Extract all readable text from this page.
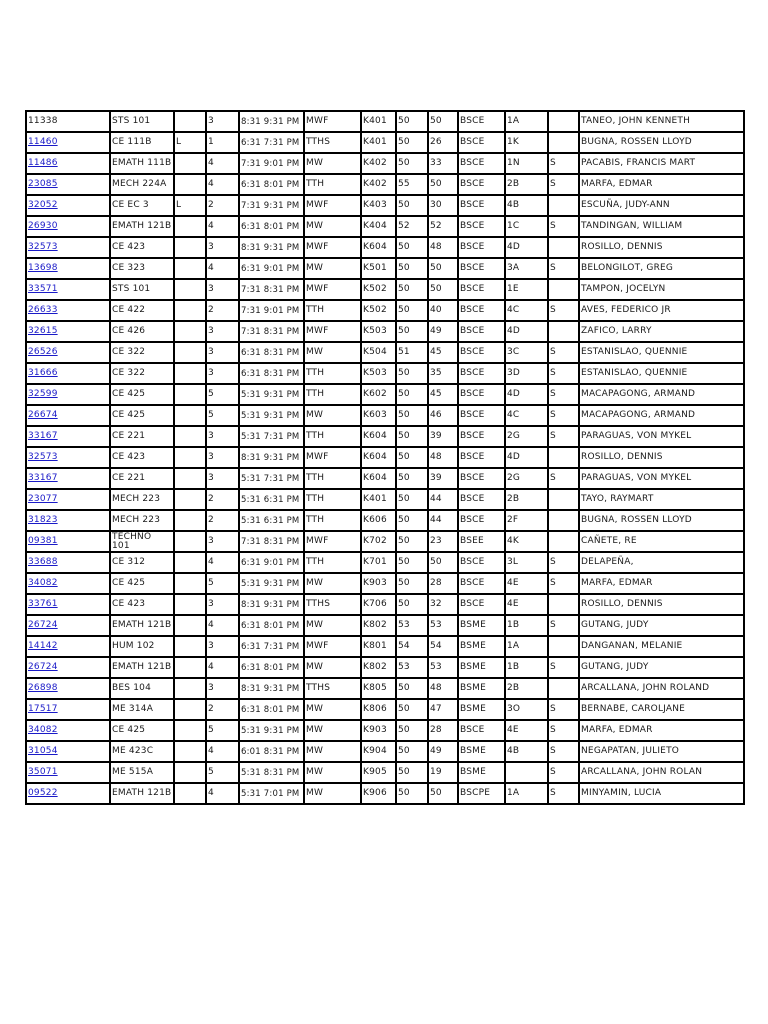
11338	STS 101		3	8:31 9:31 PM	MWF	K401	50	50	BSCE	1A		TANEO, JOHN KENNETH
11460	CE 111B	L	1	6:31 7:31 PM	TTHS	K401	50	26	BSCE	1K		BUGNA, ROSSEN LLOYD
11486	EMATH 111B		4	7:31 9:01 PM	MW	K402	50	33	BSCE	1N	S	PACABIS, FRANCIS MART
23085	MECH 224A		4	6:31 8:01 PM	TTH	K402	55	50	BSCE	2B	S	MARFA, EDMAR
32052	CE EC 3	L	2	7:31 9:31 PM	MWF	K403	50	30	BSCE	4B		ESCUÑA, JUDY-ANN
26930	EMATH 121B		4	6:31 8:01 PM	MW	K404	52	52	BSCE	1C	S	TANDINGAN, WILLIAM
32573	CE 423		3	8:31 9:31 PM	MWF	K604	50	48	BSCE	4D		ROSILLO, DENNIS
13698	CE 323		4	6:31 9:01 PM	MW	K501	50	50	BSCE	3A	S	BELONGILOT, GREG
33571	STS 101		3	7:31 8:31 PM	MWF	K502	50	50	BSCE	1E		TAMPON, JOCELYN
26633	CE 422		2	7:31 9:01 PM	TTH	K502	50	40	BSCE	4C	S	AVES, FEDERICO JR
32615	CE 426		3	7:31 8:31 PM	MWF	K503	50	49	BSCE	4D		ZAFICO, LARRY
26526	CE 322		3	6:31 8:31 PM	MW	K504	51	45	BSCE	3C	S	ESTANISLAO, QUENNIE
31666	CE 322		3	6:31 8:31 PM	TTH	K503	50	35	BSCE	3D	S	ESTANISLAO, QUENNIE
32599	CE 425		5	5:31 9:31 PM	TTH	K602	50	45	BSCE	4D	S	MACAPAGONG, ARMAND
26674	CE 425		5	5:31 9:31 PM	MW	K603	50	46	BSCE	4C	S	MACAPAGONG, ARMAND
33167	CE 221		3	5:31 7:31 PM	TTH	K604	50	39	BSCE	2G	S	PARAGUAS, VON MYKEL
32573	CE 423		3	8:31 9:31 PM	MWF	K604	50	48	BSCE	4D		ROSILLO, DENNIS
33167	CE 221		3	5:31 7:31 PM	TTH	K604	50	39	BSCE	2G	S	PARAGUAS, VON MYKEL
23077	MECH 223		2	5:31 6:31 PM	TTH	K401	50	44	BSCE	2B		TAYO, RAYMART
31823	MECH 223		2	5:31 6:31 PM	TTH	K606	50	44	BSCE	2F		BUGNA, ROSSEN LLOYD
09381	TECHNO 101		3	7:31 8:31 PM	MWF	K702	50	23	BSEE	4K		CAÑETE, RE
33688	CE 312		4	6:31 9:01 PM	TTH	K701	50	50	BSCE	3L	S	DELAPEÑA,
34082	CE 425		5	5:31 9:31 PM	MW	K903	50	28	BSCE	4E	S	MARFA, EDMAR
33761	CE 423		3	8:31 9:31 PM	TTHS	K706	50	32	BSCE	4E		ROSILLO, DENNIS
26724	EMATH 121B		4	6:31 8:01 PM	MW	K802	53	53	BSME	1B	S	GUTANG, JUDY
14142	HUM 102		3	6:31 7:31 PM	MWF	K801	54	54	BSME	1A		DANGANAN, MELANIE
26724	EMATH 121B		4	6:31 8:01 PM	MW	K802	53	53	BSME	1B	S	GUTANG, JUDY
26898	BES 104		3	8:31 9:31 PM	TTHS	K805	50	48	BSME	2B		ARCALLANA, JOHN ROLAND
17517	ME 314A		2	6:31 8:01 PM	MW	K806	50	47	BSME	3O	S	BERNABE, CAROLJANE
34082	CE 425		5	5:31 9:31 PM	MW	K903	50	28	BSCE	4E	S	MARFA, EDMAR
31054	ME 423C		4	6:01 8:31 PM	MW	K904	50	49	BSME	4B	S	NEGAPATAN, JULIETO
35071	ME 515A		5	5:31 8:31 PM	MW	K905	50	19	BSME		S	ARCALLANA, JOHN ROLAN
09522	EMATH 121B		4	5:31 7:01 PM	MW	K906	50	50	BSCPE	1A	S	MINYAMIN, LUCIA
